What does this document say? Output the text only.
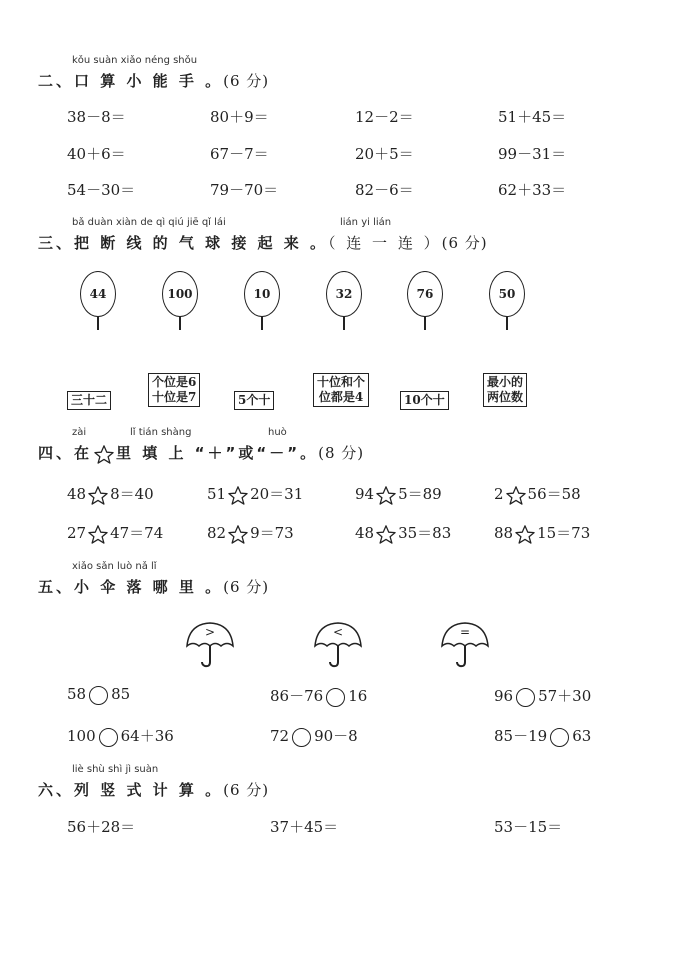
kǒu suàn xiǎo néng shǒu
二、口 算 小 能 手 。(6 分)
38－8＝	80＋9＝	12－2＝	51＋45＝
40＋6＝	67－7＝	20＋5＝	99－31＝
54－30＝	79－70＝	82－6＝	62＋33＝
bǎ duàn xiàn de qì qiú jiē qǐ lái	lián yi lián
三、把 断 线 的 气 球 接 起 来 。（ 连 一 连 ）(6 分)
44	100	10	32	76	50
三十二
个位是6
十位是7	5个十
十位和个
位都是4	10个十
最小的
两位数
zài	lǐ tián shàng	huò
四、在 里 填 上 “＋”或“－”。(8 分)
48 8＝40	51 20＝31	94 5＝89	2 56＝58
27 47＝74	82 9＝73	48 35＝83	88 15＝73
xiǎo sǎn luò nǎ lǐ
五、小 伞 落 哪 里 。(6 分)
>	<	=
58 85	86－76 16	96 57＋30
100 64＋36	72 90－8	85－19 63
liè shù shì jì suàn
六、列 竖 式 计 算 。(6 分)
56＋28＝	37＋45＝	53－15＝
